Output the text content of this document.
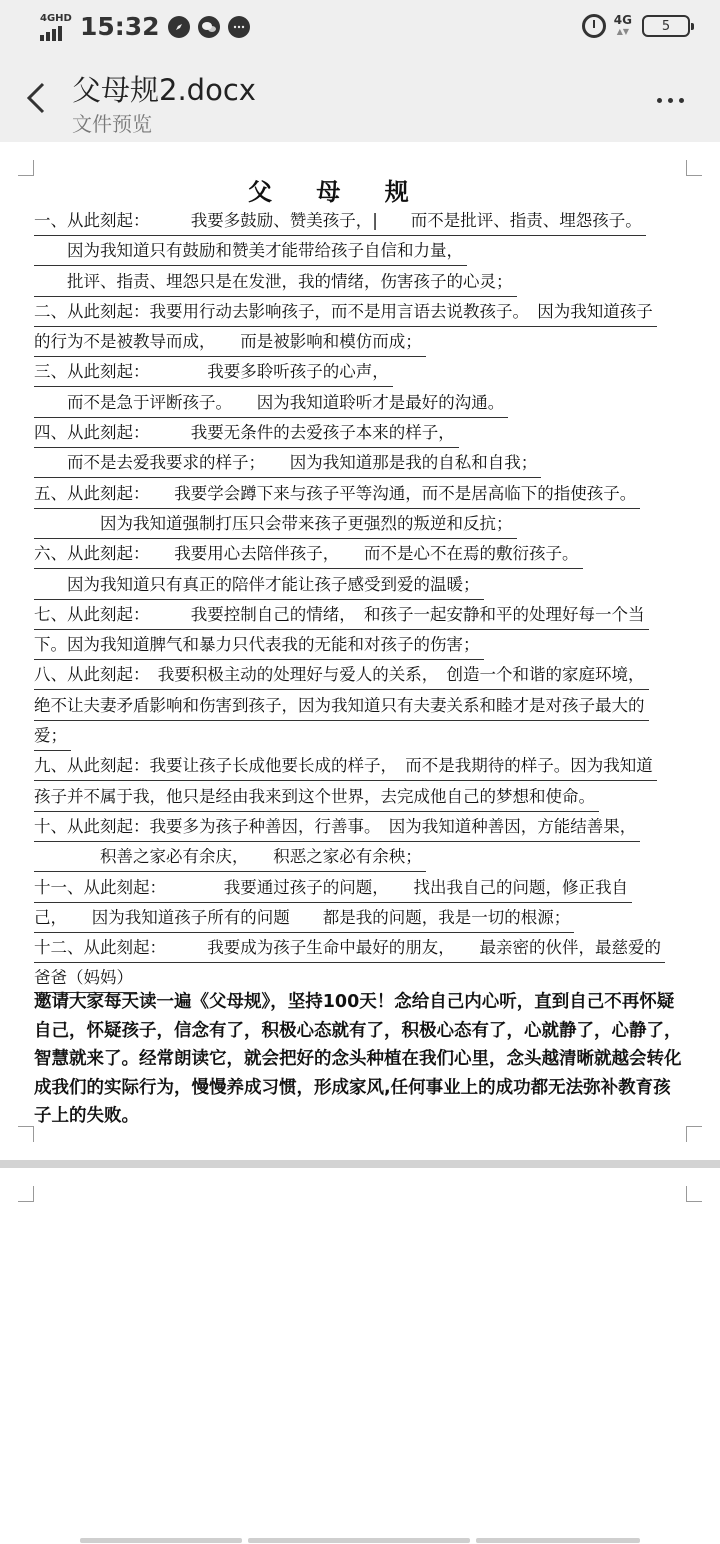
4GHD 15:32	4G
▲▼	5
父母规2.docx
文件预览
父 母 规
一、从此刻起：　　　我要多鼓励、赞美孩子，|　　而不是批评、指责、埋怨孩子。
　　因为我知道只有鼓励和赞美才能带给孩子自信和力量，
　　批评、指责、埋怨只是在发泄，我的情绪，伤害孩子的心灵；
二、从此刻起：我要用行动去影响孩子，而不是用言语去说教孩子。　因为我知道孩子
的行为不是被教导而成，　　而是被影响和模仿而成；
三、从此刻起：　　　　我要多聆听孩子的心声，
　　而不是急于评断孩子。　　因为我知道聆听才是最好的沟通。
四、从此刻起：　　　我要无条件的去爱孩子本来的样子，
　　而不是去爱我要求的样子；　　因为我知道那是我的自私和自我；
五、从此刻起：　　我要学会蹲下来与孩子平等沟通，而不是居高临下的指使孩子。
　　　　因为我知道强制打压只会带来孩子更强烈的叛逆和反抗；
六、从此刻起：　　我要用心去陪伴孩子，　　而不是心不在焉的敷衍孩子。
　　因为我知道只有真正的陪伴才能让孩子感受到爱的温暖；
七、从此刻起：　　　我要控制自己的情绪，　和孩子一起安静和平的处理好每一个当
下。因为我知道脾气和暴力只代表我的无能和对孩子的伤害；
八、从此刻起：　我要积极主动的处理好与爱人的关系，　创造一个和谐的家庭环境，
绝不让夫妻矛盾影响和伤害到孩子，因为我知道只有夫妻关系和睦才是对孩子最大的
爱；
九、从此刻起：我要让孩子长成他要长成的样子，　而不是我期待的样子。因为我知道
孩子并不属于我，他只是经由我来到这个世界，去完成他自己的梦想和使命。
十、从此刻起：我要多为孩子种善因，行善事。　因为我知道种善因，方能结善果，
　　　　积善之家必有余庆，　　积恶之家必有余秧；
十一、从此刻起：　　　　我要通过孩子的问题，　　找出我自己的问题，修正我自
己，　　因为我知道孩子所有的问题　　都是我的问题，我是一切的根源；
十二、从此刻起：　　　我要成为孩子生命中最好的朋友，　　最亲密的伙伴，最慈爱的
爸爸（妈妈）
邀请大家每天读一遍《父母规》，坚持100天！念给自己内心听，直到自己不再怀疑自己，怀疑孩子，信念有了，积极心态就有了，积极心态有了，心就静了，心静了，智慧就来了。经常朗读它，就会把好的念头种植在我们心里，念头越清晰就越会转化成我们的实际行为，慢慢养成习惯，形成家风,任何事业上的成功都无法弥补教育孩子上的失败。
